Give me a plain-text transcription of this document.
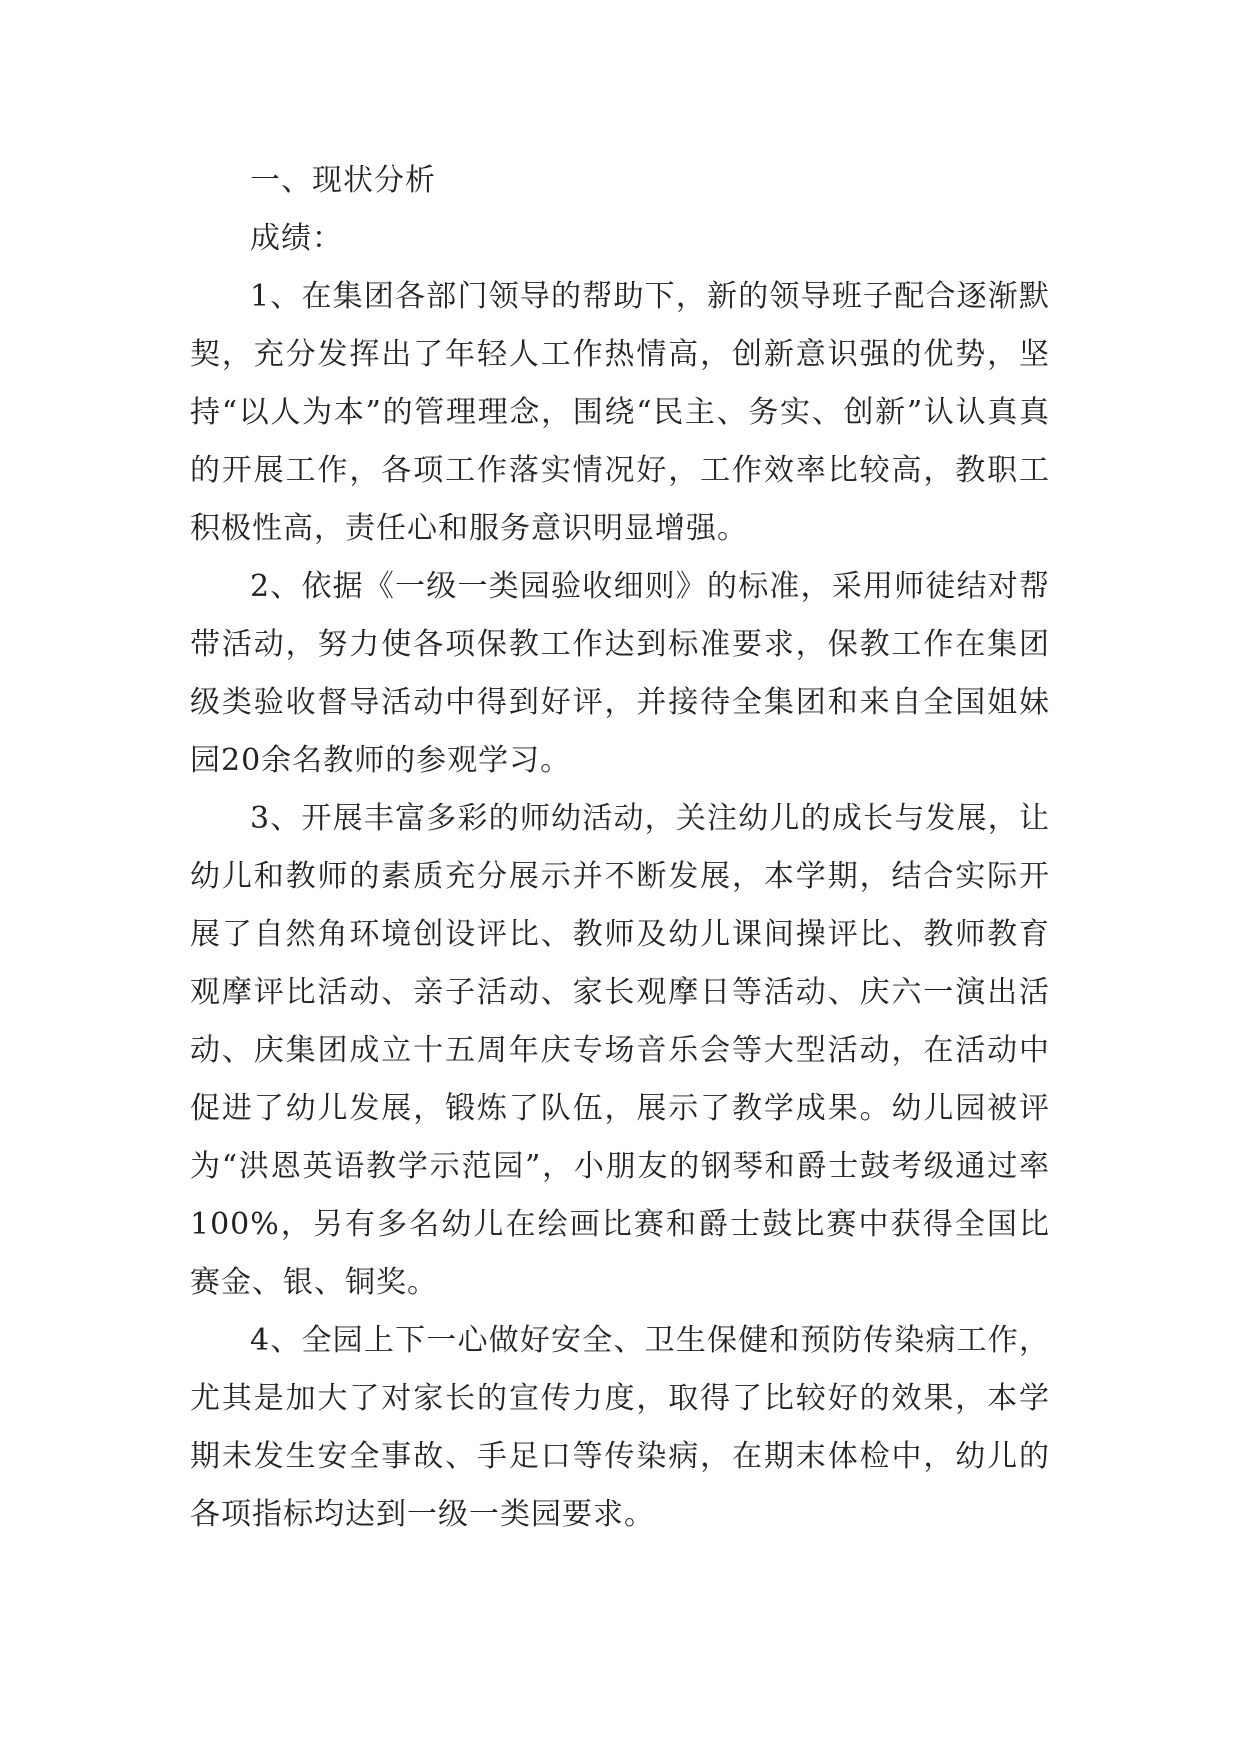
一、现状分析

成绩：

1、在集团各部门领导的帮助下，新的领导班子配合逐渐默契，充分发挥出了年轻人工作热情高，创新意识强的优势，坚持“以人为本”的管理理念，围绕“民主、务实、创新”认认真真的开展工作，各项工作落实情况好，工作效率比较高，教职工积极性高，责任心和服务意识明显增强。

2、依据《一级一类园验收细则》的标准，采用师徒结对帮带活动，努力使各项保教工作达到标准要求，保教工作在集团级类验收督导活动中得到好评，并接待全集团和来自全国姐妹园20余名教师的参观学习。

3、开展丰富多彩的师幼活动，关注幼儿的成长与发展，让幼儿和教师的素质充分展示并不断发展，本学期，结合实际开展了自然角环境创设评比、教师及幼儿课间操评比、教师教育观摩评比活动、亲子活动、家长观摩日等活动、庆六一演出活动、庆集团成立十五周年庆专场音乐会等大型活动，在活动中促进了幼儿发展，锻炼了队伍，展示了教学成果。幼儿园被评为“洪恩英语教学示范园”，小朋友的钢琴和爵士鼓考级通过率100%，另有多名幼儿在绘画比赛和爵士鼓比赛中获得全国比赛金、银、铜奖。

4、全园上下一心做好安全、卫生保健和预防传染病工作，尤其是加大了对家长的宣传力度，取得了比较好的效果，本学期未发生安全事故、手足口等传染病，在期末体检中，幼儿的各项指标均达到一级一类园要求。
